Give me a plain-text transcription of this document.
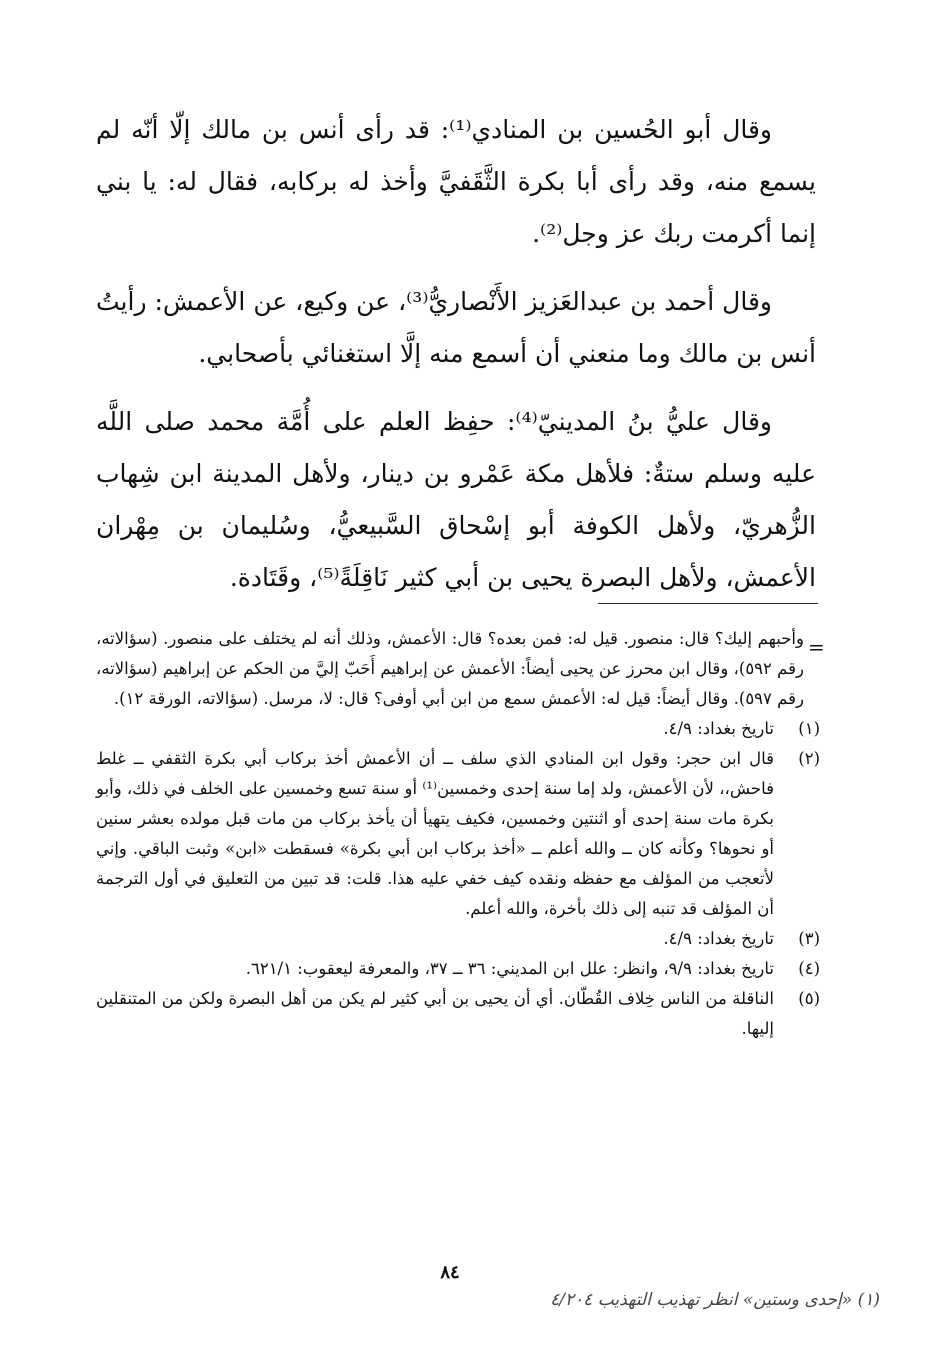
وقال أبو الحُسين بن المنادي⁽¹⁾: قد رأى أنس بن مالك إلّا أنّه لم يسمع منه، وقد رأى أبا بكرة الثَّقَفيَّ وأخذ له بركابه، فقال له: يا بني إنما أكرمت ربك عز وجل⁽²⁾.

وقال أحمد بن عبدالعَزيز الأَنْصاريُّ⁽³⁾، عن وكيع، عن الأعمش: رأيتُ أنس بن مالك وما منعني أن أسمع منه إلَّا استغنائي بأصحابي.

وقال عليُّ بنُ المدينيّ⁽⁴⁾: حفِظ العلم على أُمَّة محمد صلى اللَّه عليه وسلم ستةٌ: فلأهل مكة عَمْرو بن دينار، ولأهل المدينة ابن شِهاب الزُّهريّ، ولأهل الكوفة أبو إسْحاق السَّبيعيُّ، وسُليمان بن مِهْران الأعمش، ولأهل البصرة يحيى بن أبي كثير نَاقِلَةً⁽⁵⁾، وقَتَادة.

=
وأحبهم إليك؟ قال: منصور. قيل له: فمن بعده؟ قال: الأعمش، وذلك أنه لم يختلف على منصور. (سؤالاته، رقم ٥٩٢)، وقال ابن محرز عن يحيى أيضاً: الأعمش عن إبراهيم أَحَبّ إليَّ من الحكم عن إبراهيم (سؤالاته، رقم ٥٩٧). وقال أيضاً: قيل له: الأعمش سمع من ابن أبي أوفى؟ قال: لا، مرسل. (سؤالاته، الورقة ١٢).
(١)
تاريخ بغداد: ٤/٩.
(٢)
قال ابن حجر: وقول ابن المنادي الذي سلف ــ أن الأعمش أخذ بركاب أبي بكرة الثقفي ــ غلط فاحش،، لأن الأعمش، ولد إما سنة إحدى وخمسين⁽¹⁾ أو سنة تسع وخمسين على الخلف في ذلك، وأبو بكرة مات سنة إحدى أو اثنتين وخمسين، فكيف يتهيأ أن يأخذ بركاب من مات قبل مولده بعشر سنين أو نحوها؟ وكأنه كان ــ والله أعلم ــ «أخذ بركاب ابن أبي بكرة» فسقطت «ابن» وثبت الباقي. وإني لأتعجب من المؤلف مع حفظه ونقده كيف خفي عليه هذا. قلت: قد تبين من التعليق في أول الترجمة أن المؤلف قد تنبه إلى ذلك بأخرة، والله أعلم.
(٣)
تاريخ بغداد: ٤/٩.
(٤)
تاريخ بغداد: ٩/٩، وانظر: علل ابن المديني: ٣٦ ــ ٣٧، والمعرفة ليعقوب: ٦٢١/١.
(٥)
الناقلة من الناس خِلاف القُطّان. أي أن يحيى بن أبي كثير لم يكن من أهل البصرة ولكن من المتنقلين إليها.
٨٤
(١) «إحدى وستين» انظر تهذيب التهذيب ٤/٢٠٤
